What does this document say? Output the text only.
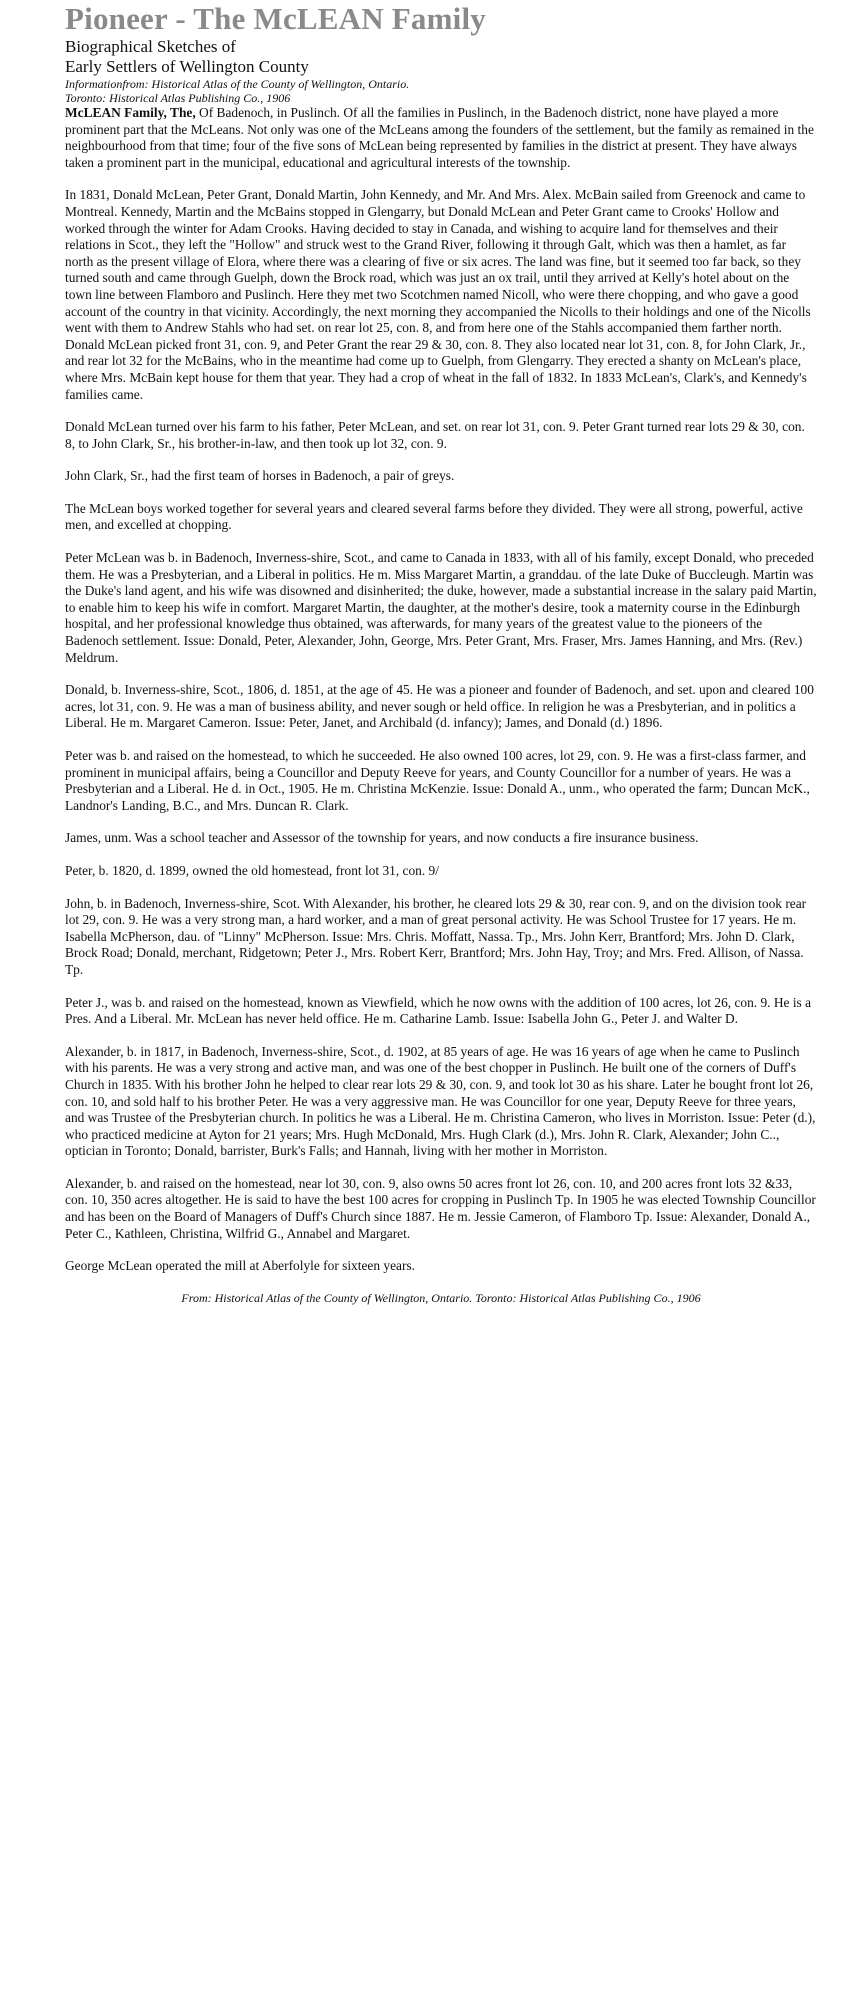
Pioneer - The McLEAN Family

Biographical Sketches of

Early Settlers of Wellington County

Informationfrom: Historical Atlas of the County of Wellington, Ontario.

Toronto: Historical Atlas Publishing Co., 1906

McLEAN Family, The, Of Badenoch, in Puslinch. Of all the families in Puslinch, in the Badenoch district, none have played a more prominent part that the McLeans. Not only was one of the McLeans among the founders of the settlement, but the family as remained in the neighbourhood from that time; four of the five sons of McLean being represented by families in the district at present. They have always taken a prominent part in the municipal, educational and agricultural interests of the township.

In 1831, Donald McLean, Peter Grant, Donald Martin, John Kennedy, and Mr. And Mrs. Alex. McBain sailed from Greenock and came to Montreal. Kennedy, Martin and the McBains stopped in Glengarry, but Donald McLean and Peter Grant came to Crooks' Hollow and worked through the winter for Adam Crooks. Having decided to stay in Canada, and wishing to acquire land for themselves and their relations in Scot., they left the "Hollow" and struck west to the Grand River, following it through Galt, which was then a hamlet, as far north as the present village of Elora, where there was a clearing of five or six acres. The land was fine, but it seemed too far back, so they turned south and came through Guelph, down the Brock road, which was just an ox trail, until they arrived at Kelly's hotel about on the town line between Flamboro and Puslinch. Here they met two Scotchmen named Nicoll, who were there chopping, and who gave a good account of the country in that vicinity. Accordingly, the next morning they accompanied the Nicolls to their holdings and one of the Nicolls went with them to Andrew Stahls who had set. on rear lot 25, con. 8, and from here one of the Stahls accompanied them farther north. Donald McLean picked front 31, con. 9, and Peter Grant the rear 29 & 30, con. 8. They also located near lot 31, con. 8, for John Clark, Jr., and rear lot 32 for the McBains, who in the meantime had come up to Guelph, from Glengarry. They erected a shanty on McLean's place, where Mrs. McBain kept house for them that year. They had a crop of wheat in the fall of 1832. In 1833 McLean's, Clark's, and Kennedy's families came.

Donald McLean turned over his farm to his father, Peter McLean, and set. on rear lot 31, con. 9. Peter Grant turned rear lots 29 & 30, con. 8, to John Clark, Sr., his brother-in-law, and then took up lot 32, con. 9.

John Clark, Sr., had the first team of horses in Badenoch, a pair of greys.

The McLean boys worked together for several years and cleared several farms before they divided. They were all strong, powerful, active men, and excelled at chopping.

Peter McLean was b. in Badenoch, Inverness-shire, Scot., and came to Canada in 1833, with all of his family, except Donald, who preceded them. He was a Presbyterian, and a Liberal in politics. He m. Miss Margaret Martin, a granddau. of the late Duke of Buccleugh. Martin was the Duke's land agent, and his wife was disowned and disinherited; the duke, however, made a substantial increase in the salary paid Martin, to enable him to keep his wife in comfort. Margaret Martin, the daughter, at the mother's desire, took a maternity course in the Edinburgh hospital, and her professional knowledge thus obtained, was afterwards, for many years of the greatest value to the pioneers of the Badenoch settlement. Issue: Donald, Peter, Alexander, John, George, Mrs. Peter Grant, Mrs. Fraser, Mrs. James Hanning, and Mrs. (Rev.) Meldrum.

Donald, b. Inverness-shire, Scot., 1806, d. 1851, at the age of 45. He was a pioneer and founder of Badenoch, and set. upon and cleared 100 acres, lot 31, con. 9. He was a man of business ability, and never sough or held office. In religion he was a Presbyterian, and in politics a Liberal. He m. Margaret Cameron. Issue: Peter, Janet, and Archibald (d. infancy); James, and Donald (d.) 1896.

Peter was b. and raised on the homestead, to which he succeeded. He also owned 100 acres, lot 29, con. 9. He was a first-class farmer, and prominent in municipal affairs, being a Councillor and Deputy Reeve for years, and County Councillor for a number of years. He was a Presbyterian and a Liberal. He d. in Oct., 1905. He m. Christina McKenzie. Issue: Donald A., unm., who operated the farm; Duncan McK., Landnor's Landing, B.C., and Mrs. Duncan R. Clark.

James, unm. Was a school teacher and Assessor of the township for years, and now conducts a fire insurance business.

Peter, b. 1820, d. 1899, owned the old homestead, front lot 31, con. 9/

John, b. in Badenoch, Inverness-shire, Scot. With Alexander, his brother, he cleared lots 29 & 30, rear con. 9, and on the division took rear lot 29, con. 9. He was a very strong man, a hard worker, and a man of great personal activity. He was School Trustee for 17 years. He m. Isabella McPherson, dau. of "Linny" McPherson. Issue: Mrs. Chris. Moffatt, Nassa. Tp., Mrs. John Kerr, Brantford; Mrs. John D. Clark, Brock Road; Donald, merchant, Ridgetown; Peter J., Mrs. Robert Kerr, Brantford; Mrs. John Hay, Troy; and Mrs. Fred. Allison, of Nassa. Tp.

Peter J., was b. and raised on the homestead, known as Viewfield, which he now owns with the addition of 100 acres, lot 26, con. 9. He is a Pres. And a Liberal. Mr. McLean has never held office. He m. Catharine Lamb. Issue: Isabella John G., Peter J. and Walter D.

Alexander, b. in 1817, in Badenoch, Inverness-shire, Scot., d. 1902, at 85 years of age. He was 16 years of age when he came to Puslinch with his parents. He was a very strong and active man, and was one of the best chopper in Puslinch. He built one of the corners of Duff's Church in 1835. With his brother John he helped to clear rear lots 29 & 30, con. 9, and took lot 30 as his share. Later he bought front lot 26, con. 10, and sold half to his brother Peter. He was a very aggressive man. He was Councillor for one year, Deputy Reeve for three years, and was Trustee of the Presbyterian church. In politics he was a Liberal. He m. Christina Cameron, who lives in Morriston. Issue: Peter (d.), who practiced medicine at Ayton for 21 years; Mrs. Hugh McDonald, Mrs. Hugh Clark (d.), Mrs. John R. Clark, Alexander; John C.., optician in Toronto; Donald, barrister, Burk's Falls; and Hannah, living with her mother in Morriston.

Alexander, b. and raised on the homestead, near lot 30, con. 9, also owns 50 acres front lot 26, con. 10, and 200 acres front lots 32 &33, con. 10, 350 acres altogether. He is said to have the best 100 acres for cropping in Puslinch Tp. In 1905 he was elected Township Councillor and has been on the Board of Managers of Duff's Church since 1887. He m. Jessie Cameron, of Flamboro Tp. Issue: Alexander, Donald A., Peter C., Kathleen, Christina, Wilfrid G., Annabel and Margaret.

George McLean operated the mill at Aberfolyle for sixteen years.

From: Historical Atlas of the County of Wellington, Ontario. Toronto: Historical Atlas Publishing Co., 1906
